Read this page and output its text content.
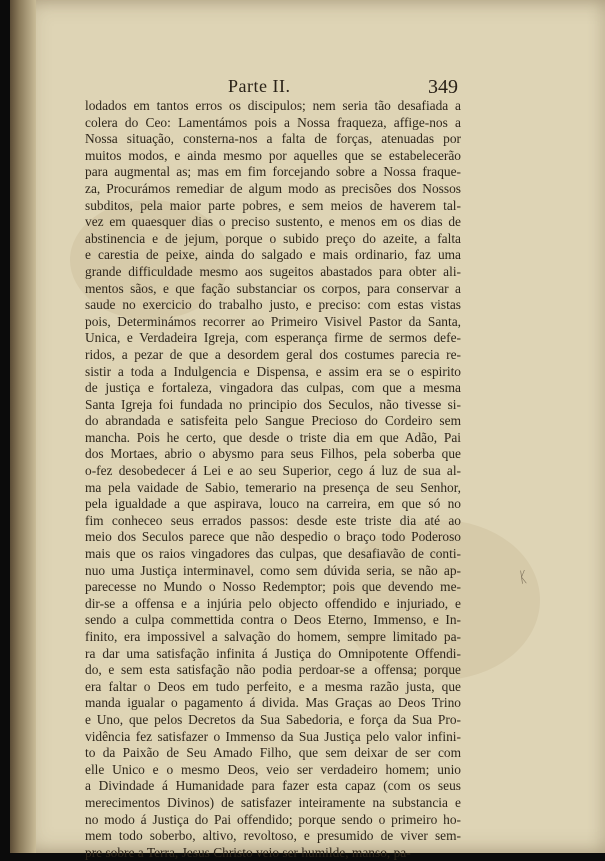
Parte II.	349
lodados em tantos erros os discipulos; nem seria tão desafiada a
colera do Ceo: Lamentámos pois a Nossa fraqueza, affige-nos a
Nossa situação, consterna-nos a falta de forças, atenuadas por
muitos modos, e ainda mesmo por aquelles que se estabelecerão
para augmental as; mas em fim forcejando sobre a Nossa fraque-
za, Procurámos remediar de algum modo as precisões dos Nossos
subditos, pela maior parte pobres, e sem meios de haverem tal-
vez em quaesquer dias o preciso sustento, e menos em os dias de
abstinencia e de jejum, porque o subido preço do azeite, a falta
e carestia de peixe, ainda do salgado e mais ordinario, faz uma
grande difficuldade mesmo aos sugeitos abastados para obter ali-
mentos sãos, e que fação substanciar os corpos, para conservar a
saude no exercicio do trabalho justo, e preciso: com estas vistas
pois, Determinámos recorrer ao Primeiro Visivel Pastor da Santa,
Unica, e Verdadeira Igreja, com esperança firme de sermos defe-
ridos, a pezar de que a desordem geral dos costumes parecia re-
sistir a toda a Indulgencia e Dispensa, e assim era se o espirito
de justiça e fortaleza, vingadora das culpas, com que a mesma
Santa Igreja foi fundada no principio dos Seculos, não tivesse si-
do abrandada e satisfeita pelo Sangue Precioso do Cordeiro sem
mancha. Pois he certo, que desde o triste dia em que Adão, Pai
dos Mortaes, abrio o abysmo para seus Filhos, pela soberba que
o-fez desobedecer á Lei e ao seu Superior, cego á luz de sua al-
ma pela vaidade de Sabio, temerario na presença de seu Senhor,
pela igualdade a que aspirava, louco na carreira, em que só no
fim conheceo seus errados passos: desde este triste dia até ao
meio dos Seculos parece que não despedio o braço todo Poderoso
mais que os raios vingadores das culpas, que desafiavão de conti-
nuo uma Justiça interminavel, como sem dúvida seria, se não ap-
parecesse no Mundo o Nosso Redemptor; pois que devendo me-
dir-se a offensa e a injúria pelo objecto offendido e injuriado, e
sendo a culpa commettida contra o Deos Eterno, Immenso, e In-
finito, era impossivel a salvação do homem, sempre limitado pa-
ra dar uma satisfação infinita á Justiça do Omnipotente Offendi-
do, e sem esta satisfação não podia perdoar-se a offensa; porque
era faltar o Deos em tudo perfeito, e a mesma razão justa, que
manda igualar o pagamento á divida. Mas Graças ao Deos Trino
e Uno, que pelos Decretos da Sua Sabedoria, e força da Sua Pro-
vidência fez satisfazer o Immenso da Sua Justiça pelo valor infini-
to da Paixão de Seu Amado Filho, que sem deixar de ser com
elle Unico e o mesmo Deos, veio ser verdadeiro homem; unio
a Divindade á Humanidade para fazer esta capaz (com os seus
merecimentos Divinos) de satisfazer inteiramente na substancia e
no modo á Justiça do Pai offendido; porque sendo o primeiro ho-
mem todo soberbo, altivo, revoltoso, e presumido de viver sem-
pre sobre a Terra, Jesus Christo veio ser humilde, manso, pa-
ᛕ
